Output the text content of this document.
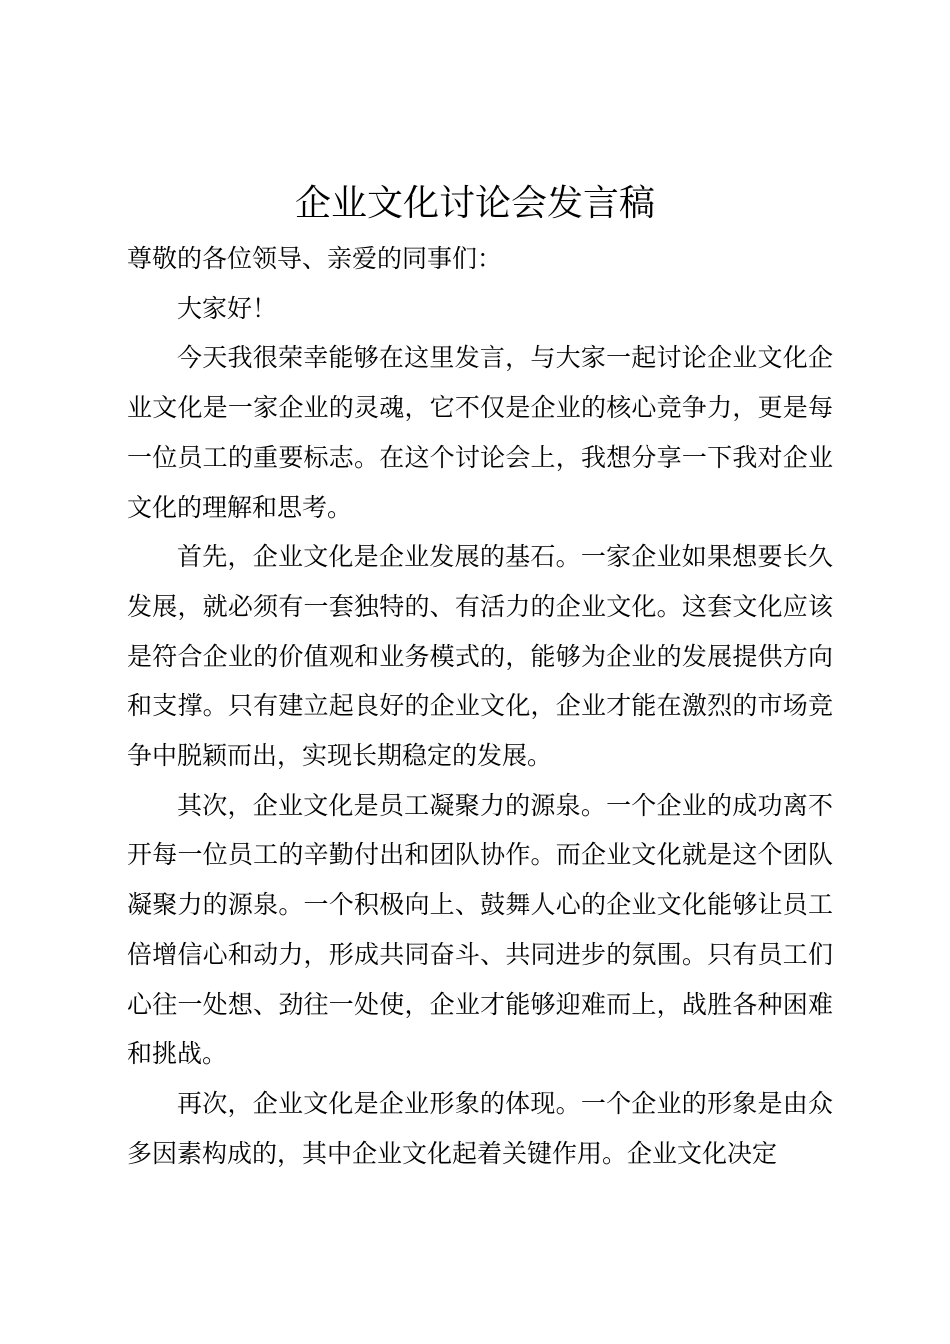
企业文化讨论会发言稿

尊敬的各位领导、亲爱的同事们：

大家好！

今天我很荣幸能够在这里发言，与大家一起讨论企业文化企业文化是一家企业的灵魂，它不仅是企业的核心竞争力，更是每一位员工的重要标志。在这个讨论会上，我想分享一下我对企业文化的理解和思考。

首先，企业文化是企业发展的基石。一家企业如果想要长久发展，就必须有一套独特的、有活力的企业文化。这套文化应该是符合企业的价值观和业务模式的，能够为企业的发展提供方向和支撑。只有建立起良好的企业文化，企业才能在激烈的市场竞争中脱颖而出，实现长期稳定的发展。

其次，企业文化是员工凝聚力的源泉。一个企业的成功离不开每一位员工的辛勤付出和团队协作。而企业文化就是这个团队凝聚力的源泉。一个积极向上、鼓舞人心的企业文化能够让员工倍增信心和动力，形成共同奋斗、共同进步的氛围。只有员工们心往一处想、劲往一处使，企业才能够迎难而上，战胜各种困难和挑战。

再次，企业文化是企业形象的体现。一个企业的形象是由众多因素构成的，其中企业文化起着关键作用。企业文化决定
